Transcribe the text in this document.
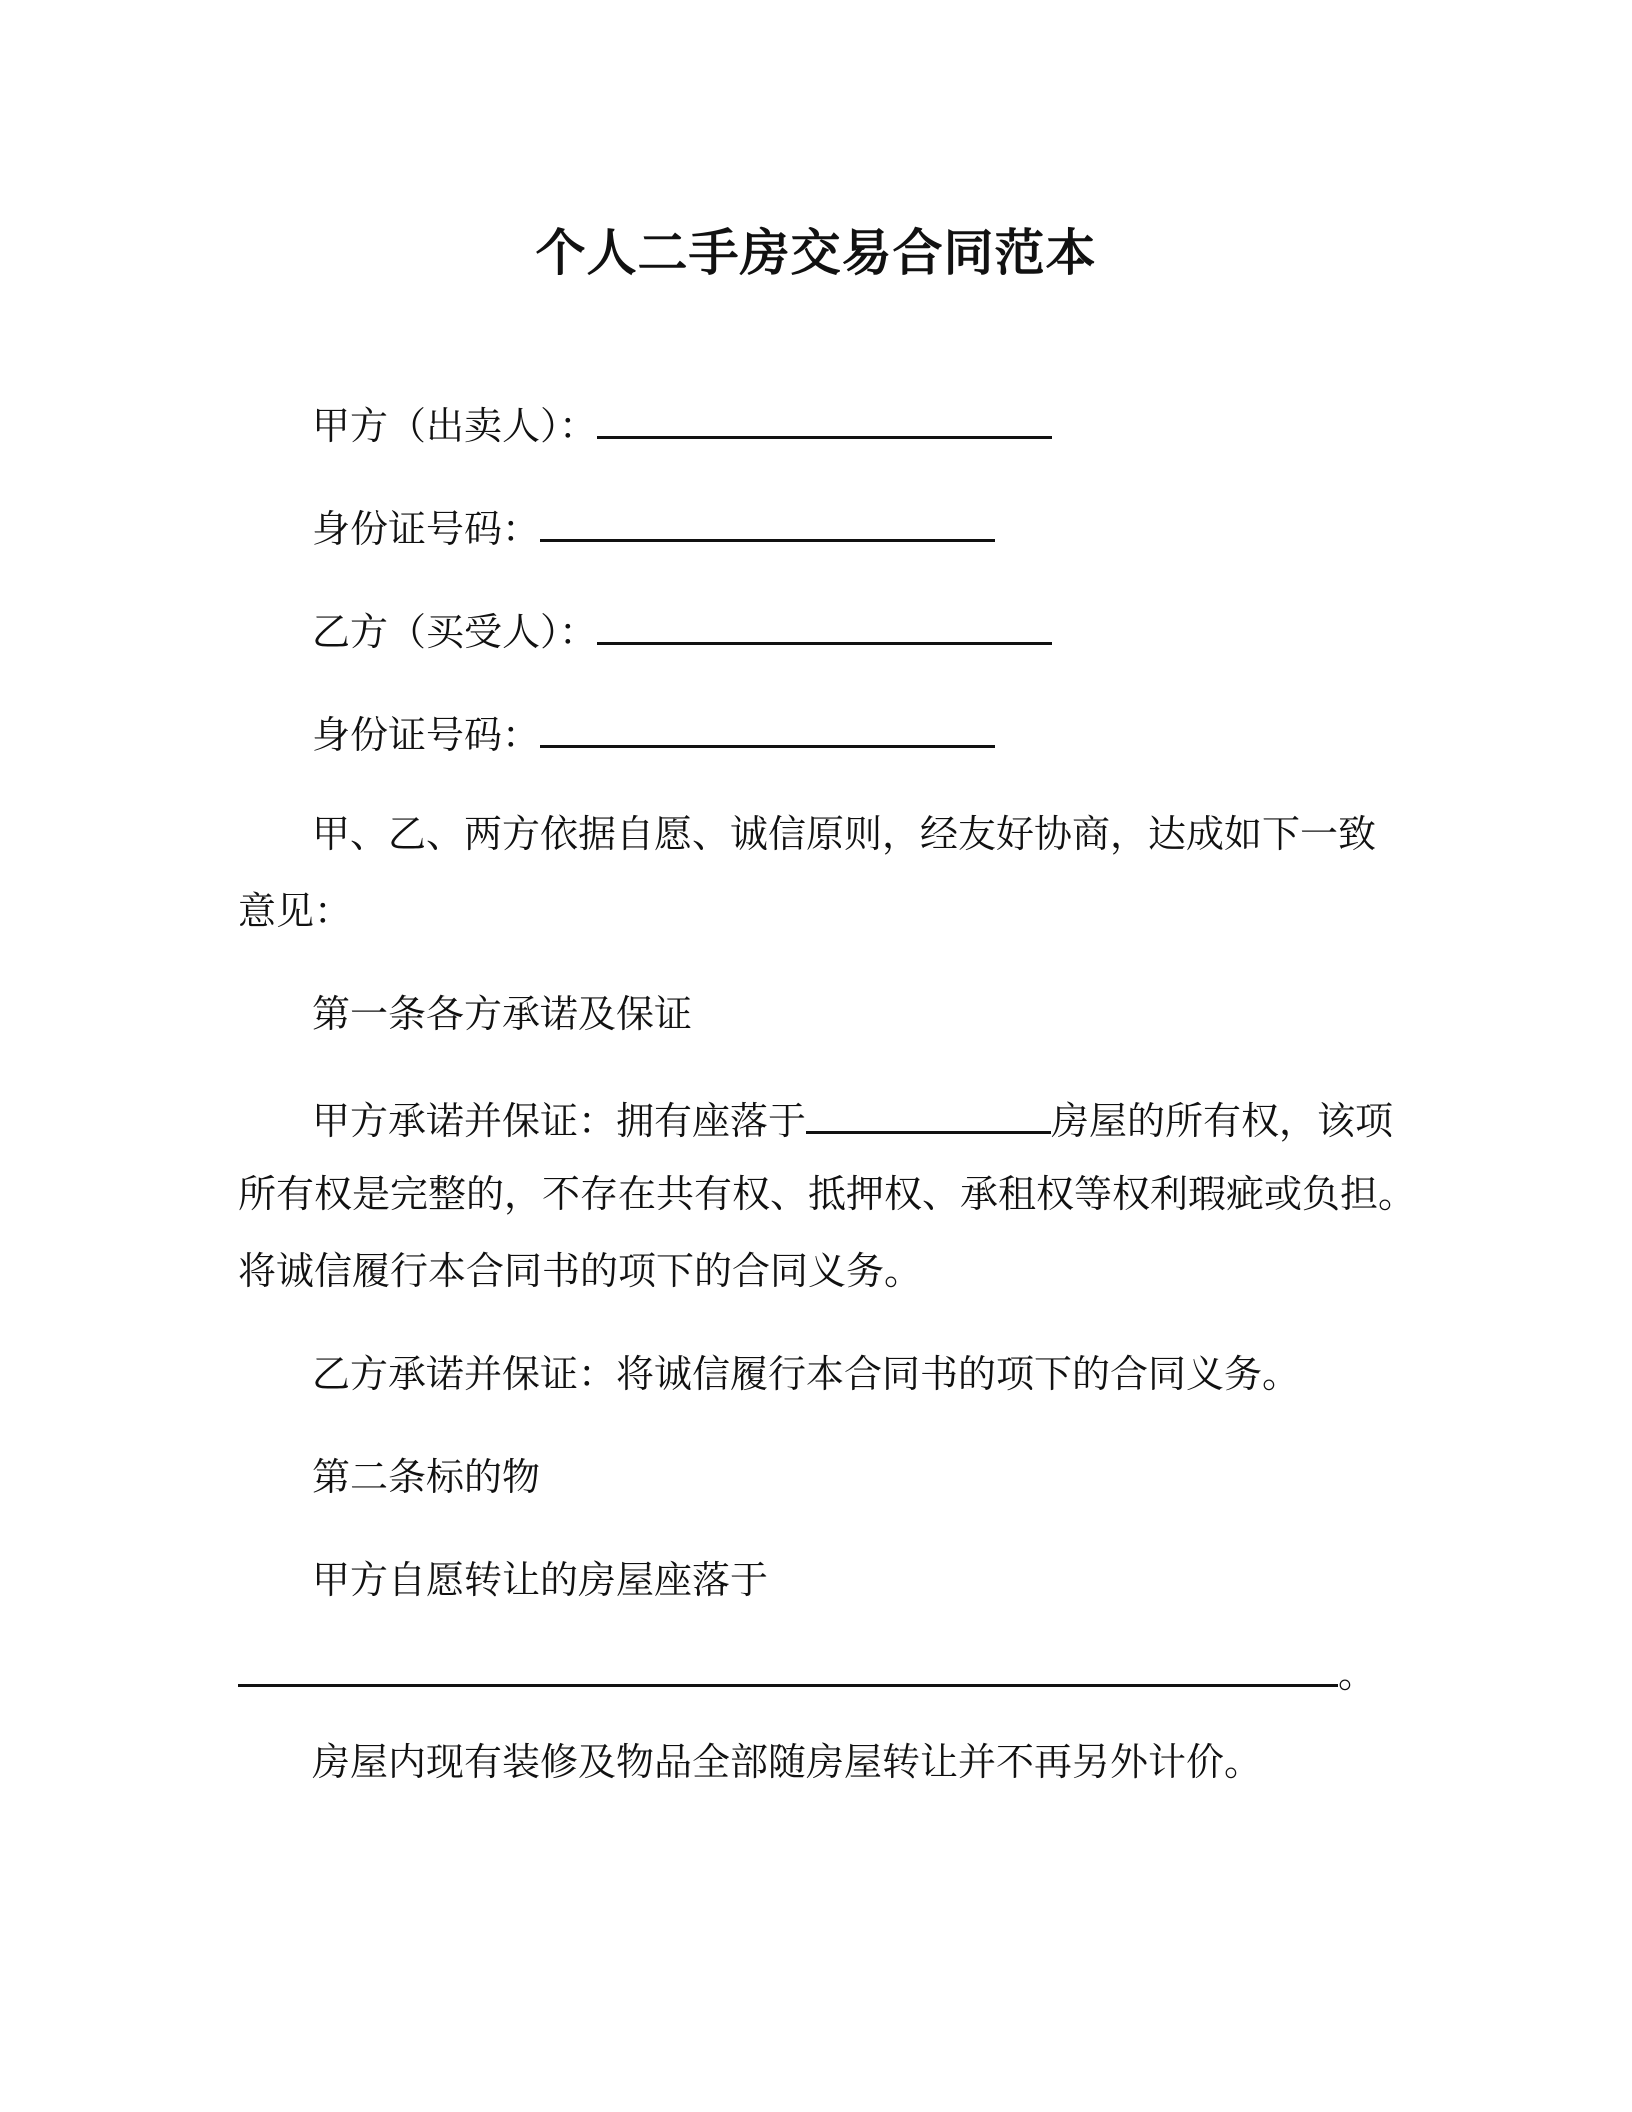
个人二手房交易合同范本
甲方（出卖人）：
身份证号码：
乙方（买受人）：
身份证号码：
甲、乙、两方依据自愿、诚信原则，经友好协商，达成如下一致
意见：
第一条各方承诺及保证
甲方承诺并保证：拥有座落于	房屋的所有权，该项
所有权是完整的，不存在共有权、抵押权、承租权等权利瑕疵或负担。
将诚信履行本合同书的项下的合同义务。
乙方承诺并保证：将诚信履行本合同书的项下的合同义务。
第二条标的物
甲方自愿转让的房屋座落于
。
房屋内现有装修及物品全部随房屋转让并不再另外计价。
